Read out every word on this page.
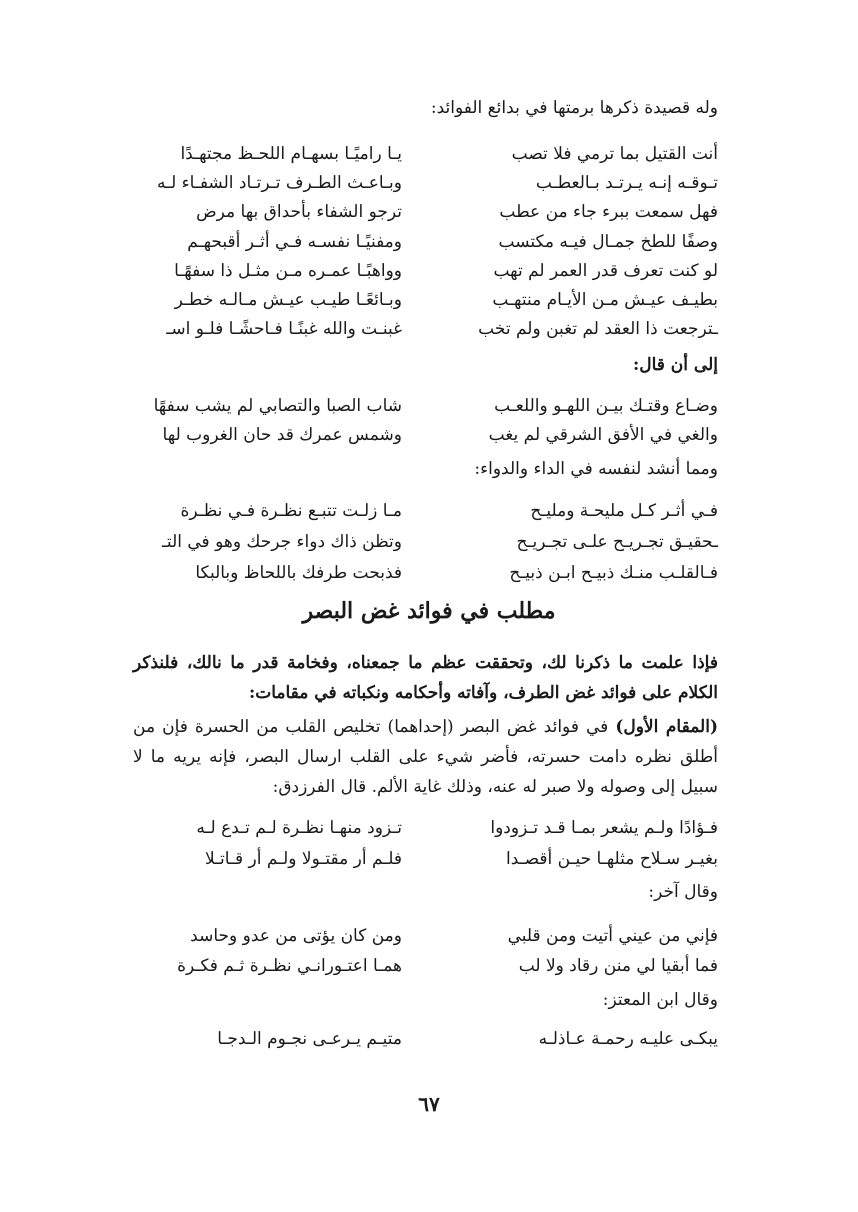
وله قصيدة ذكرها برمتها في بدائع الفوائد:
يـا راميًـا بسهـام اللحـظ مجتهـدًا	أنت القتيل بما ترمي فلا تصب
وبـاعـث الطـرف تـرتـاد الشفـاء لـه	تـوقـه إنـه يـرتـد بـالعطـب
ترجو الشفاء بأحداق بها مرض	فهل سمعت ببرء جاء من عطب
ومفنيًـا نفسـه فـي أثـر أقبحهـم	وصفًا للطخ جمـال فيـه مكتسب
وواهبًـا عمـره مـن مثـل ذا سفهًـا	لو كنت تعرف قدر العمر لم تهب
وبـائعًـا طيـب عيـش مـالـه خطـر	بطيـف عيـش مـن الأيـام منتهـب
غبنـت والله غبنًـا فـاحشًـا فلـو اسـ	ـترجعت ذا العقد لم تغبن ولم تخب
إلى أن قال:
شاب الصبا والتصابي لم يشب سفهًا	وضـاع وقتـك بيـن اللهـو واللعـب
وشمس عمرك قد حان الغروب لها	والغي في الأفق الشرقي لم يغب
ومما أنشد لنفسه في الداء والدواء:
مـا زلـت تتبـع نظـرة فـي نظـرة	فـي أثـر كـل مليحـة ومليـح
وتظن ذاك دواء جرحك وهو في التـ	ـحقيـق تجـريـح علـى تجـريـح
فذبحت طرفك باللحاظ وبالبكا	فـالقلـب منـك ذبيـح ابـن ذبيـح
مطلب في فوائد غض البصر
فإذا علمت ما ذكرنا لك، وتحققت عظم ما جمعناه، وفخامة قدر ما نالك، فلنذكر الكلام على فوائد غض الطرف، وآفاته وأحكامه ونكباته في مقامات:
(المقام الأول) في فوائد غض البصر (إحداهما) تخليص القلب من الحسرة فإن من أطلق نظره دامت حسرته، فأضر شيء على القلب ارسال البصر، فإنه يريه ما لا سبيل إلى وصوله ولا صبر له عنه، وذلك غاية الألم. قال الفرزدق:
تـزود منهـا نظـرة لـم تـدع لـه	فـؤادًا ولـم يشعر بمـا قـد تـزودوا
فلـم أر مقتـولا ولـم أر قـاتـلا	بغيـر سـلاح مثلهـا حيـن أقصـدا
وقال آخر:
ومن كان يؤتى من عدو وحاسد	فإني من عيني أتيت ومن قلبي
همـا اعتـورانـي نظـرة ثـم فكـرة	فما أبقيا لي منن رقاد ولا لب
وقال ابن المعتز:
متيـم يـرعـى نجـوم الـدجـا	يبكـى عليـه رحمـة عـاذلـه
٦٧
